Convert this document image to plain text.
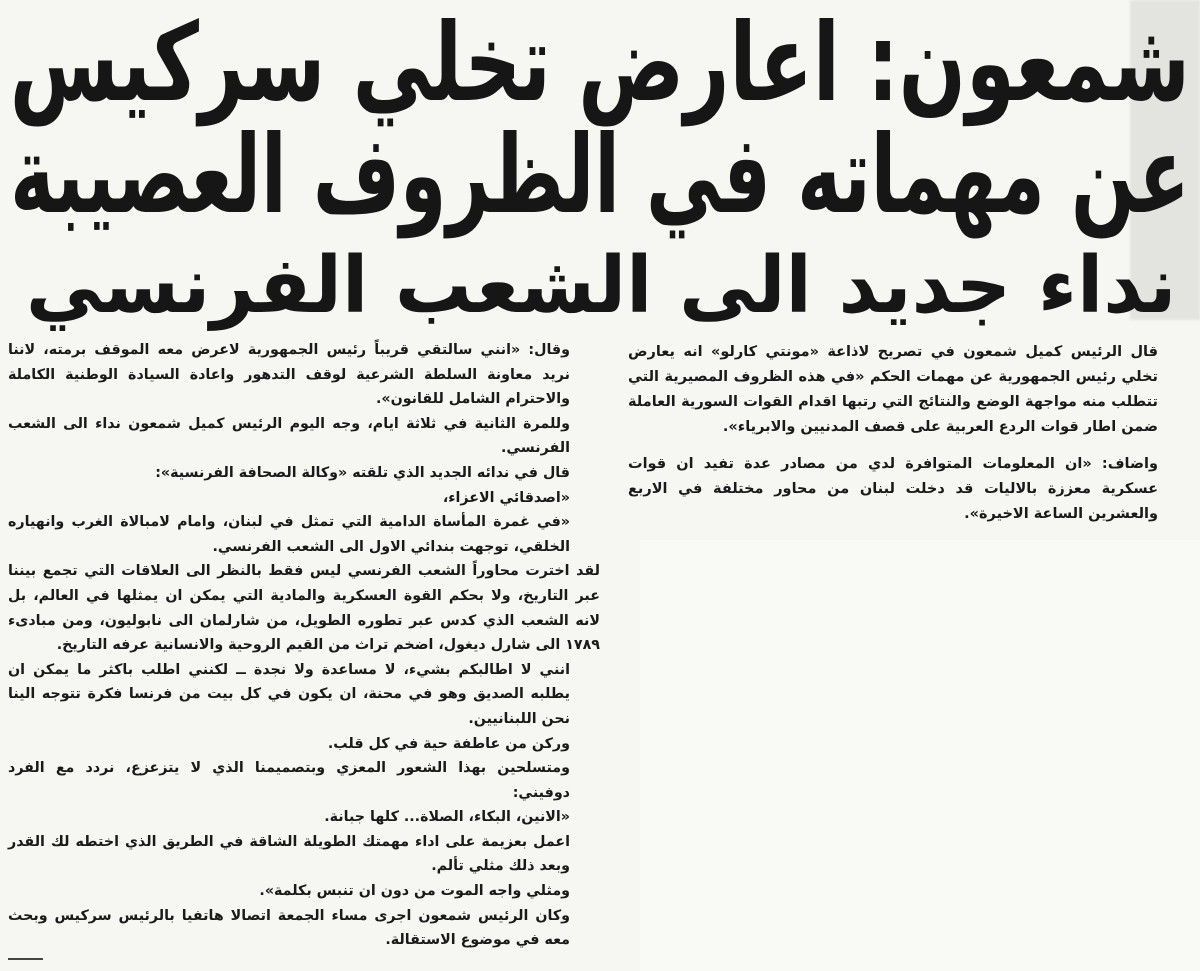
شمعون: اعارض تخلي سركيس
عن مهماته في الظروف العصيبة
نداء جديد الى الشعب الفرنسي

قال الرئيس كميل شمعون في تصريح لاذاعة «مونتي كارلو» انه يعارض تخلي رئيس الجمهورية عن مهمات الحكم «في هذه الظروف المصيرية التي تتطلب منه مواجهة الوضع والنتائج التي رتبها اقدام القوات السورية العاملة ضمن اطار قوات الردع العربية على قصف المدنيين والابرياء».

واضاف: «ان المعلومات المتوافرة لدي من مصادر عدة تفيد ان قوات عسكرية معززة بالاليات قد دخلت لبنان من محاور مختلفة في الاربع والعشرين الساعة الاخيرة».

وقال: «انني سالتقي قريباً رئيس الجمهورية لاعرض معه الموقف برمته، لاننا نريد معاونة السلطة الشرعية لوقف التدهور واعادة السيادة الوطنية الكاملة والاحترام الشامل للقانون».

وللمرة الثانية في ثلاثة ايام، وجه اليوم الرئيس كميل شمعون نداء الى الشعب الفرنسي.

قال في ندائه الجديد الذي تلقته «وكالة الصحافة الفرنسية»:

«اصدقائي الاعزاء،

«في غمرة المأساة الدامية التي تمثل في لبنان، وامام لامبالاة الغرب وانهياره الخلقي، توجهت بندائي الاول الى الشعب الفرنسي.

لقد اخترت محاوراً الشعب الفرنسي ليس فقط بالنظر الى العلاقات التي تجمع بيننا عبر التاريخ، ولا بحكم القوة العسكرية والمادية التي يمكن ان يمثلها في العالم، بل لانه الشعب الذي كدس عبر تطوره الطويل، من شارلمان الى نابوليون، ومن مبادىء ١٧٨٩ الى شارل ديغول، اضخم تراث من القيم الروحية والانسانية عرفه التاريخ.

انني لا اطالبكم بشيء، لا مساعدة ولا نجدة ــ لكنني اطلب باكثر ما يمكن ان يطلبه الصديق وهو في محنة، ان يكون في كل بيت من فرنسا فكرة تتوجه الينا نحن اللبنانيين.

وركن من عاطفة حية في كل قلب.

ومتسلحين بهذا الشعور المعزي وبتصميمنا الذي لا يتزعزع، نردد مع الفرد دوفيني:

«الانين، البكاء، الصلاة... كلها جبانة.

اعمل بعزيمة على اداء مهمتك الطويلة الشاقة في الطريق الذي اختطه لك القدر وبعد ذلك مثلي تألم.

ومثلي واجه الموت من دون ان تنبس بكلمة».

وكان الرئيس شمعون اجرى مساء الجمعة اتصالا هاتفيا بالرئيس سركيس وبحث معه في موضوع الاستقالة.
